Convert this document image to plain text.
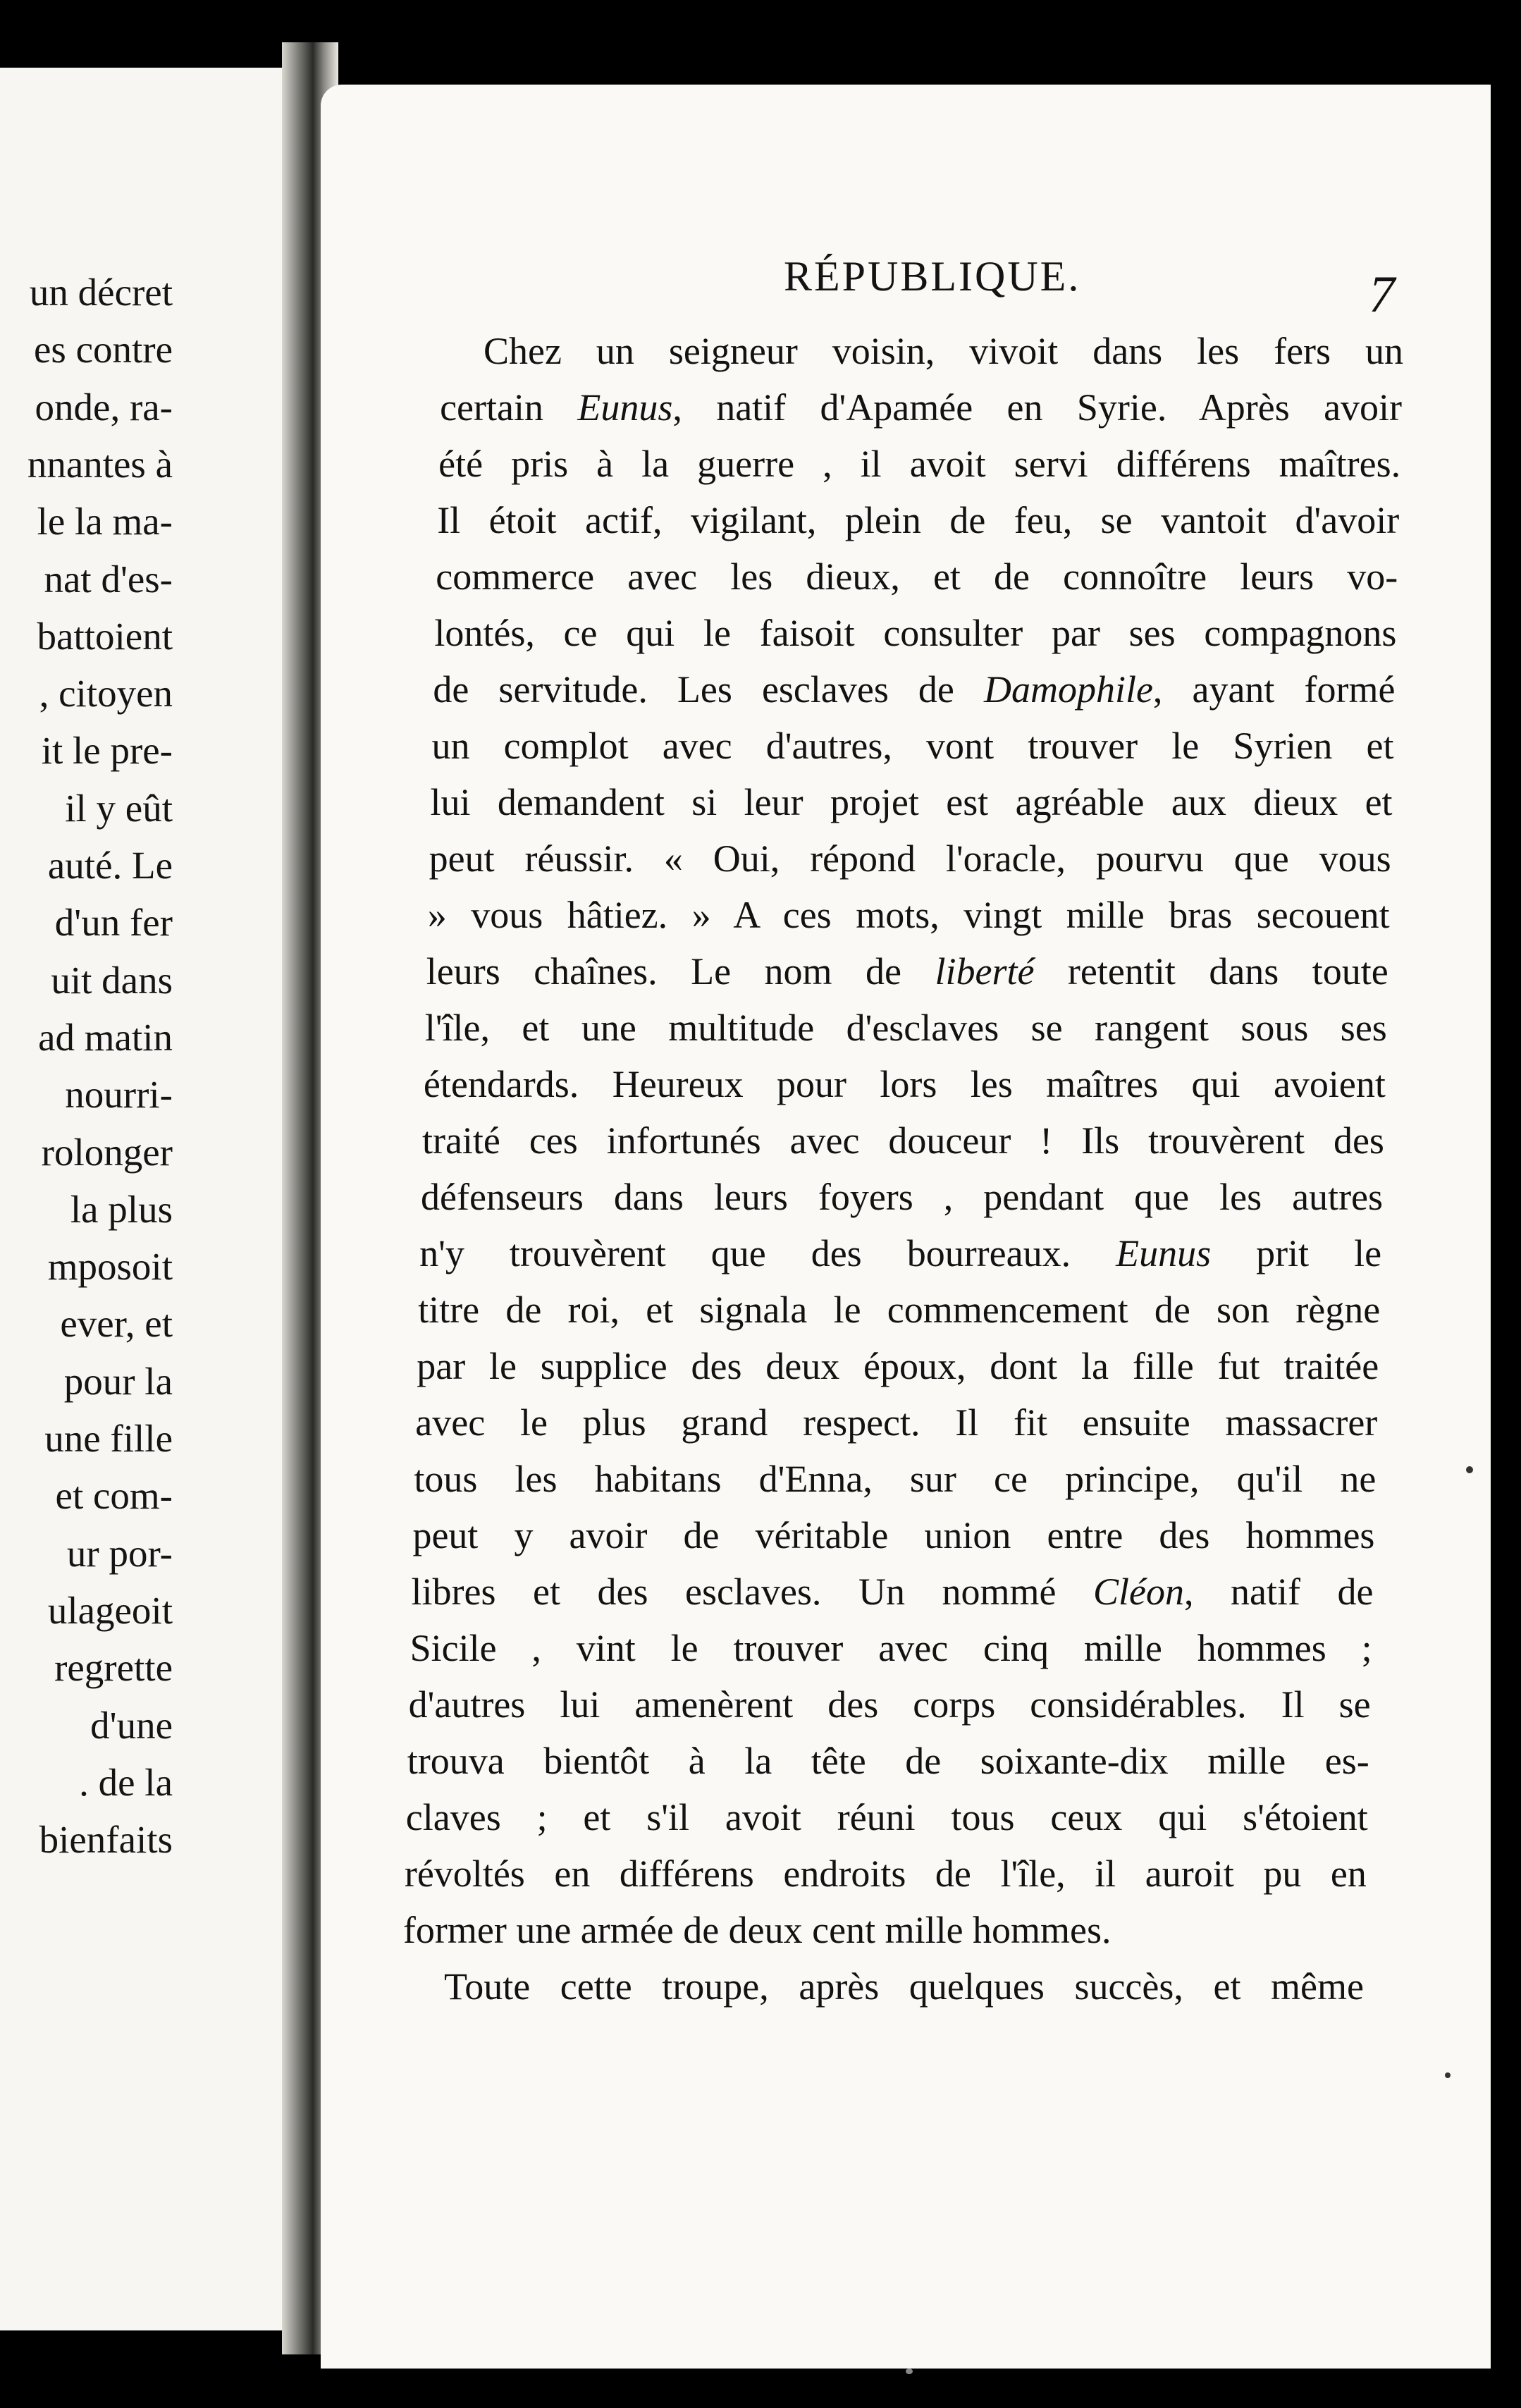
un décret
es contre
onde, ra-
nnantes à
le la ma-
nat d'es-
battoient
, citoyen
it le pre-
il y eût
auté. Le
d'un fer
uit dans
ad matin
nourri-
rolonger
la plus
mposoit
ever, et
pour la
une fille
et com-
ur por-
ulageoit
regrette
d'une
. de la
bienfaits
RÉPUBLIQUE.	7
Chez un seigneur voisin, vivoit dans les fers un
certain Eunus, natif d'Apamée en Syrie. Après avoir
été pris à la guerre , il avoit servi différens maîtres.
Il étoit actif, vigilant, plein de feu, se vantoit d'avoir
commerce avec les dieux, et de connoître leurs vo-
lontés, ce qui le faisoit consulter par ses compagnons
de servitude. Les esclaves de Damophile, ayant formé
un complot avec d'autres, vont trouver le Syrien et
lui demandent si leur projet est agréable aux dieux et
peut réussir. « Oui, répond l'oracle, pourvu que vous
» vous hâtiez. » A ces mots, vingt mille bras secouent
leurs chaînes. Le nom de liberté retentit dans toute
l'île, et une multitude d'esclaves se rangent sous ses
étendards. Heureux pour lors les maîtres qui avoient
traité ces infortunés avec douceur ! Ils trouvèrent des
défenseurs dans leurs foyers , pendant que les autres
n'y trouvèrent que des bourreaux. Eunus prit le
titre de roi, et signala le commencement de son règne
par le supplice des deux époux, dont la fille fut traitée
avec le plus grand respect. Il fit ensuite massacrer
tous les habitans d'Enna, sur ce principe, qu'il ne
peut y avoir de véritable union entre des hommes
libres et des esclaves. Un nommé Cléon, natif de
Sicile , vint le trouver avec cinq mille hommes ;
d'autres lui amenèrent des corps considérables. Il se
trouva bientôt à la tête de soixante-dix mille es-
claves ; et s'il avoit réuni tous ceux qui s'étoient
révoltés en différens endroits de l'île, il auroit pu en
former une armée de deux cent mille hommes.
Toute cette troupe, après quelques succès, et même
